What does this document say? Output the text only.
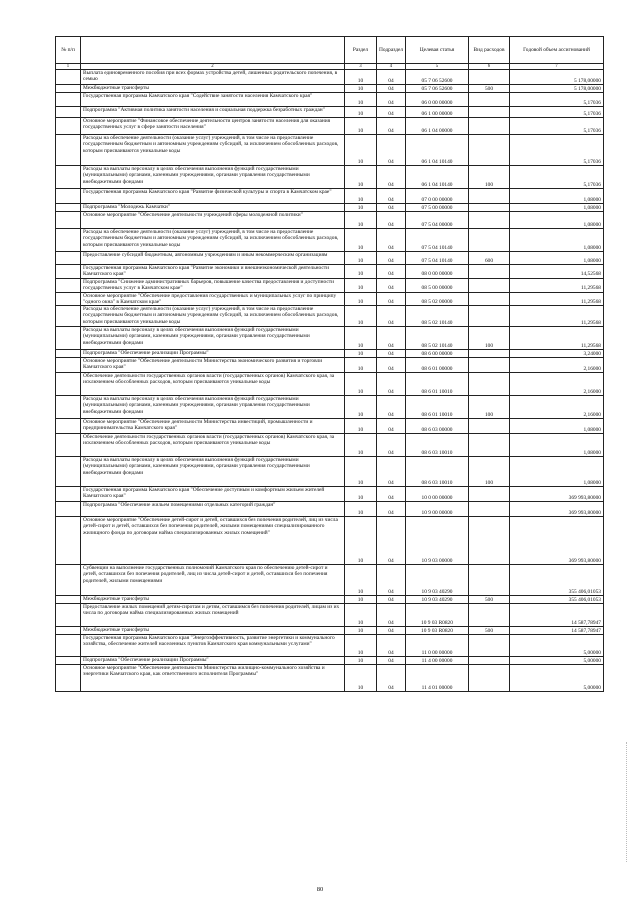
№ п/п		Раздел	Подраздел	Целевая статья	Вид расходов	Годовой объем ассигнований
1	2	3	4	5	6	7
	Выплата единовременного пособия при всех формах устройства детей, лишенных родительского попечения, в семью	10	04	05 7 06 52600		5 178,00000
	Межбюджетные трансферты	10	04	05 7 06 52600	500	5 178,00000
	Государственная программа Камчатского края "Содействие занятости населения Камчатского края"	10	04	06 0 00 00000		5,17036
	Подпрограмма "Активная политика занятости населения и социальная поддержка безработных граждан"	10	04	06 1 00 00000		5,17036
	Основное мероприятие "Финансовое обеспечение деятельности центров занятости населения для оказания государственных услуг в сфере занятости населения"	10	04	06 1 04 00000		5,17036
	Расходы на обеспечение деятельности (оказание услуг) учреждений, в том числе на предоставление государственным бюджетным и автономным учреждениям субсидий, за исключением обособленных расходов, которым присваиваются уникальные коды	10	04	06 1 04 10140		5,17036
	Расходы на выплаты персоналу в целях обеспечения выполнения функций государственными (муниципальными) органами, казенными учреждениями, органами управления государственными внебюджетными фондами	10	04	06 1 04 10140	100	5,17036
	Государственная программа Камчатского края "Развитие физической культуры и спорта в Камчатском крае"	10	04	07 0 00 00000		1,08000
	Подпрограмма "Молодежь Камчатки"	10	04	07 5 00 00000		1,08000
	Основное мероприятие "Обеспечение деятельности учреждений сферы молодежной политики"	10	04	07 5 04 00000		1,08000
	Расходы на обеспечение деятельности (оказание услуг) учреждений, в том числе на предоставление государственным бюджетным и автономным учреждениям субсидий, за исключением обособленных расходов, которым присваиваются уникальные коды	10	04	07 5 04 10140		1,08000
	Предоставление субсидий бюджетным, автономным учреждениям и иным некоммерческим организациям	10	04	07 5 04 10140	600	1,08000
	Государственная программа Камчатского края "Развитие экономики и внешнеэкономической деятельности Камчатского края"	10	04	08 0 00 00000		14,52568
	Подпрограмма "Снижение административных барьеров, повышение качества предоставления и доступности государственных услуг в Камчатском крае"	10	04	08 5 00 00000		11,29568
	Основное мероприятие "Обеспечение предоставления государственных и муниципальных услуг по принципу "одного окна" в Камчатском крае"	10	04	08 5 02 00000		11,29568
	Расходы на обеспечение деятельности (оказание услуг) учреждений, в том числе на предоставление государственным бюджетным и автономным учреждениям субсидий, за исключением обособленных расходов, которым присваиваются уникальные коды	10	04	08 5 02 10140		11,29568
	Расходы на выплаты персоналу в целях обеспечения выполнения функций государственными (муниципальными) органами, казенными учреждениями, органами управления государственными внебюджетными фондами	10	04	08 5 02 10140	100	11,29568
	Подпрограмма "Обеспечение реализации Программы"	10	04	08 6 00 00000		3,24000
	Основное мероприятие "Обеспечение деятельности Министерства экономического развития и торговли Камчатского края"	10	04	08 6 01 00000		2,16000
	Обеспечение деятельности государственных органов власти (государственных органов) Камчатского края, за исключением обособленных расходов, которым присваиваются уникальные коды	10	04	08 6 01 10010		2,16000
	Расходы на выплаты персоналу в целях обеспечения выполнения функций государственными (муниципальными) органами, казенными учреждениями, органами управления государственными внебюджетными фондами	10	04	08 6 01 10010	100	2,16000
	Основное мероприятие "Обеспечение деятельности Министерства инвестиций, промышленности и предпринимательства Камчатского края"	10	04	08 6 03 00000		1,08000
	Обеспечение деятельности государственных органов власти (государственных органов) Камчатского края, за исключением обособленных расходов, которым присваиваются уникальные коды	10	04	08 6 03 10010		1,08000
	Расходы на выплаты персоналу в целях обеспечения выполнения функций государственными (муниципальными) органами, казенными учреждениями, органами управления государственными внебюджетными фондами	10	04	08 6 03 10010	100	1,08000
	Государственная программа Камчатского края "Обеспечение доступным и комфортным жильем жителей Камчатского края"	10	04	10 0 00 00000		369 993,80000
	Подпрограмма "Обеспечение жильем помещениями отдельных категорий граждан"	10	04	10 9 00 00000		369 993,80000
	Основное мероприятие "Обеспечение детей-сирот и детей, оставшихся без попечения родителей, лиц из числа детей-сирот и детей, оставшихся без попечения родителей, жилыми помещениями специализированного жилищного фонда по договорам найма специализированных жилых помещений"	10	04	10 9 03 00000		369 993,80000
	Субвенции на выполнение государственных полномочий Камчатского края по обеспечению детей-сирот и детей, оставшихся без попечения родителей, лиц из числа детей-сирот и детей, оставшихся без попечения родителей, жилыми помещениями	10	04	10 9 03 40290		355 406,01053
	Межбюджетные трансферты	10	04	10 9 03 40290	500	355 406,01053
	Предоставление жилых помещений детям-сиротам и детям, оставшимся без попечения родителей, лицам из их числа по договорам найма специализированных жилых помещений	10	04	10 9 03 R0820		14 587,78947
	Межбюджетные трансферты	10	04	10 9 03 R0820	500	14 587,78947
	Государственная программа Камчатского края "Энергоэффективность, развитие энергетики и коммунального хозяйства, обеспечение жителей населенных пунктов Камчатского края коммунальными услугами"	10	04	11 0 00 00000		5,00000
	Подпрограмма "Обеспечение реализации Программы"	10	04	11 4 00 00000		5,00000
	Основное мероприятие "Обеспечение деятельности Министерства жилищно-коммунального хозяйства и энергетики Камчатского края, как ответственного исполнителя Программы"	10	04	11 4 01 00000		5,00000
80
